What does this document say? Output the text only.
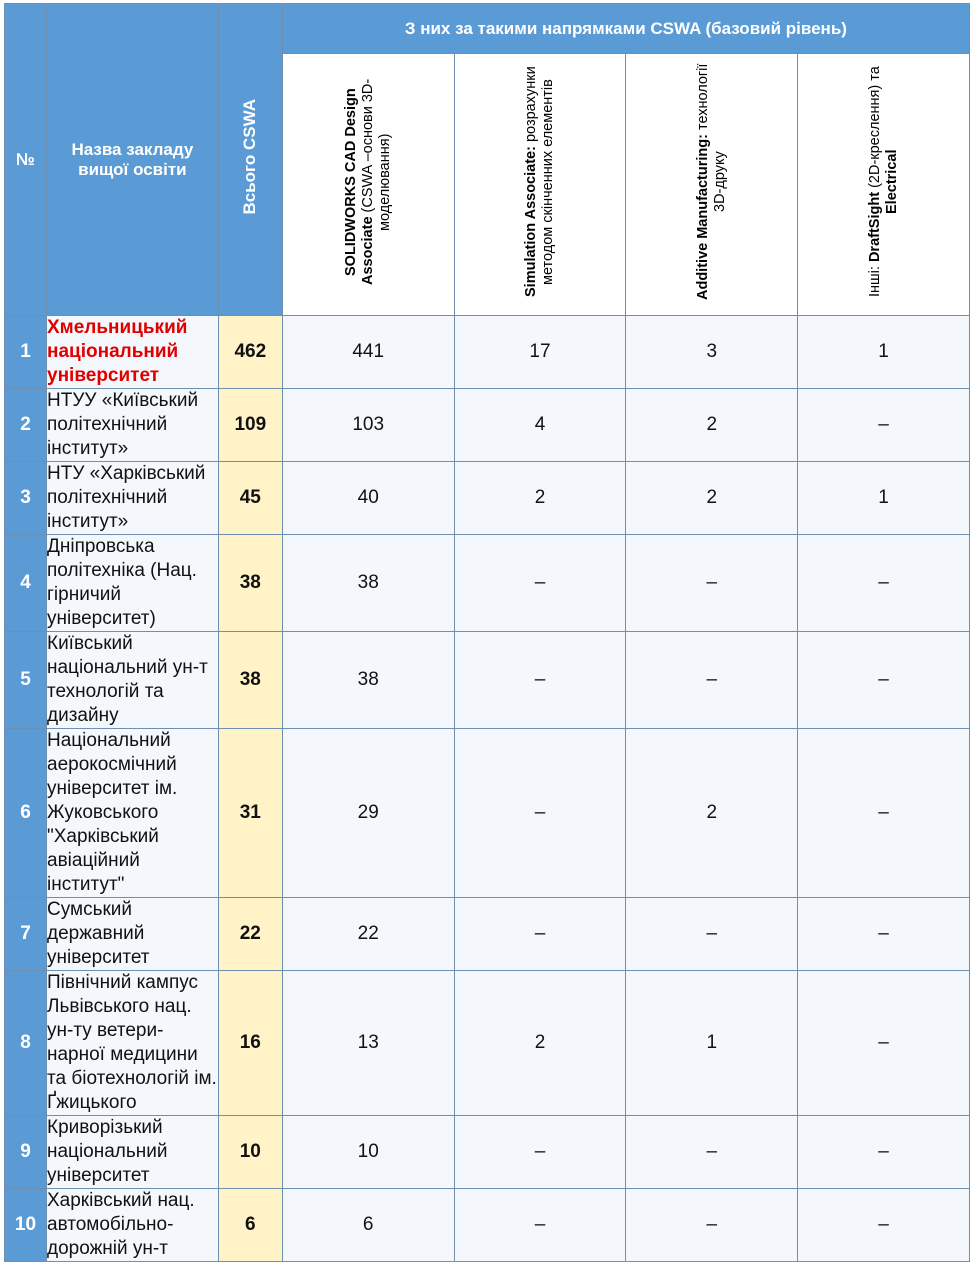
№	Назва закладу вищої освіти	Всього CSWA	З них за такими напрямками CSWA (базовий рівень)			
			SOLIDWORKS CAD Design Associate (CSWA –основи 3D-моделювання)	Simulation Associate: розрахунки методом скінченних елементів	Additive Manufacturing: технології 3D-друку	Інші: DraftSight (2D-креслення) та Electrical
1	Хмельницький національний університет	462	441	17	3	1
2	НТУУ «Київський політехнічний інститут»	109	103	4	2	–
3	НТУ «Харківський політехнічний інститут»	45	40	2	2	1
4	Дніпровська політехніка (Нац. гірничий університет)	38	38	–	–	–
5	Київський національний ун-т технологій та дизайну	38	38	–	–	–
6	Національний аерокосмічний університет ім. Жуковського "Харківський авіаційний інститут"	31	29	–	2	–
7	Сумський державний університет	22	22	–	–	–
8	Північний кампус Львівського нац. ун-ту ветери-нарної медицини та біотехнологій ім. Ґжицького	16	13	2	1	–
9	Криворізький національний університет	10	10	–	–	–
10	Харківський нац. автомобільно-дорожній ун-т	6	6	–	–	–
